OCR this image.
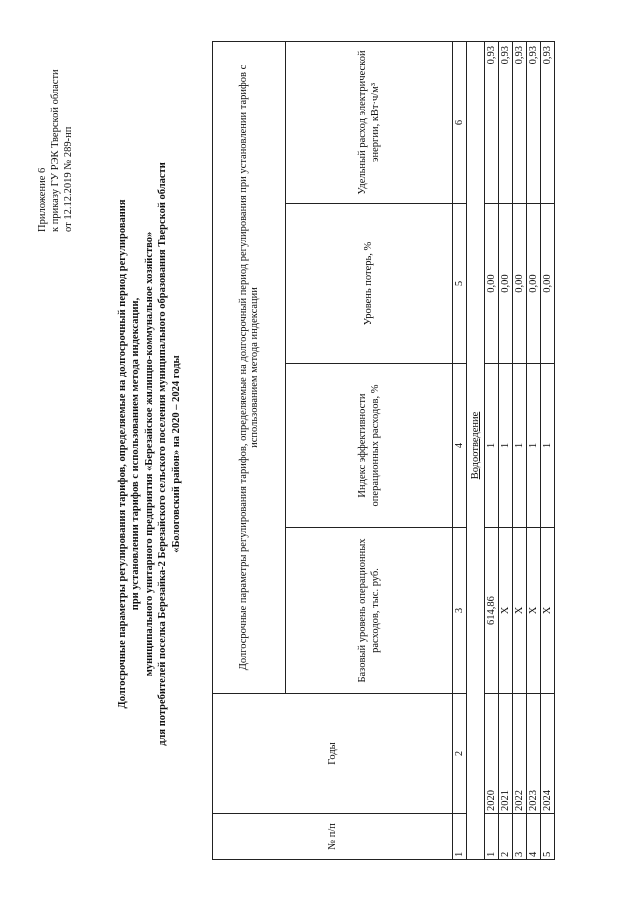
Приложение 6 к приказу ГУ РЭК Тверской области от 12.12.2019 № 289-нп
Долгосрочные параметры регулирования тарифов, определяемые на долгосрочный период регулирования при установлении тарифов с использованием метода индексации, муниципального унитарного предприятия «Березайское жилищно-коммунальное хозяйство» для потребителей поселка Березайка-2 Березайского сельского поселения муниципального образования Тверской области «Бологовский район» на 2020 – 2024 годы
№ п/п	Годы	Долгосрочные параметры регулирования тарифов, определяемые на долгосрочный период регулирования при установлении тарифов с использованием метода индексации			
		Базовый уровень операционных расходов, тыс. руб.	Индекс эффективности операционных расходов, %	Уровень потерь, %	Удельный расход электрической энергии, кВт·ч/м³
1	2	3	4	5	6
			Водоотведение		
1	2020	614,86	1	0,00	0,93
2	2021	X	1	0,00	0,93
3	2022	X	1	0,00	0,93
4	2023	X	1	0,00	0,93
5	2024	X	1	0,00	0,93
